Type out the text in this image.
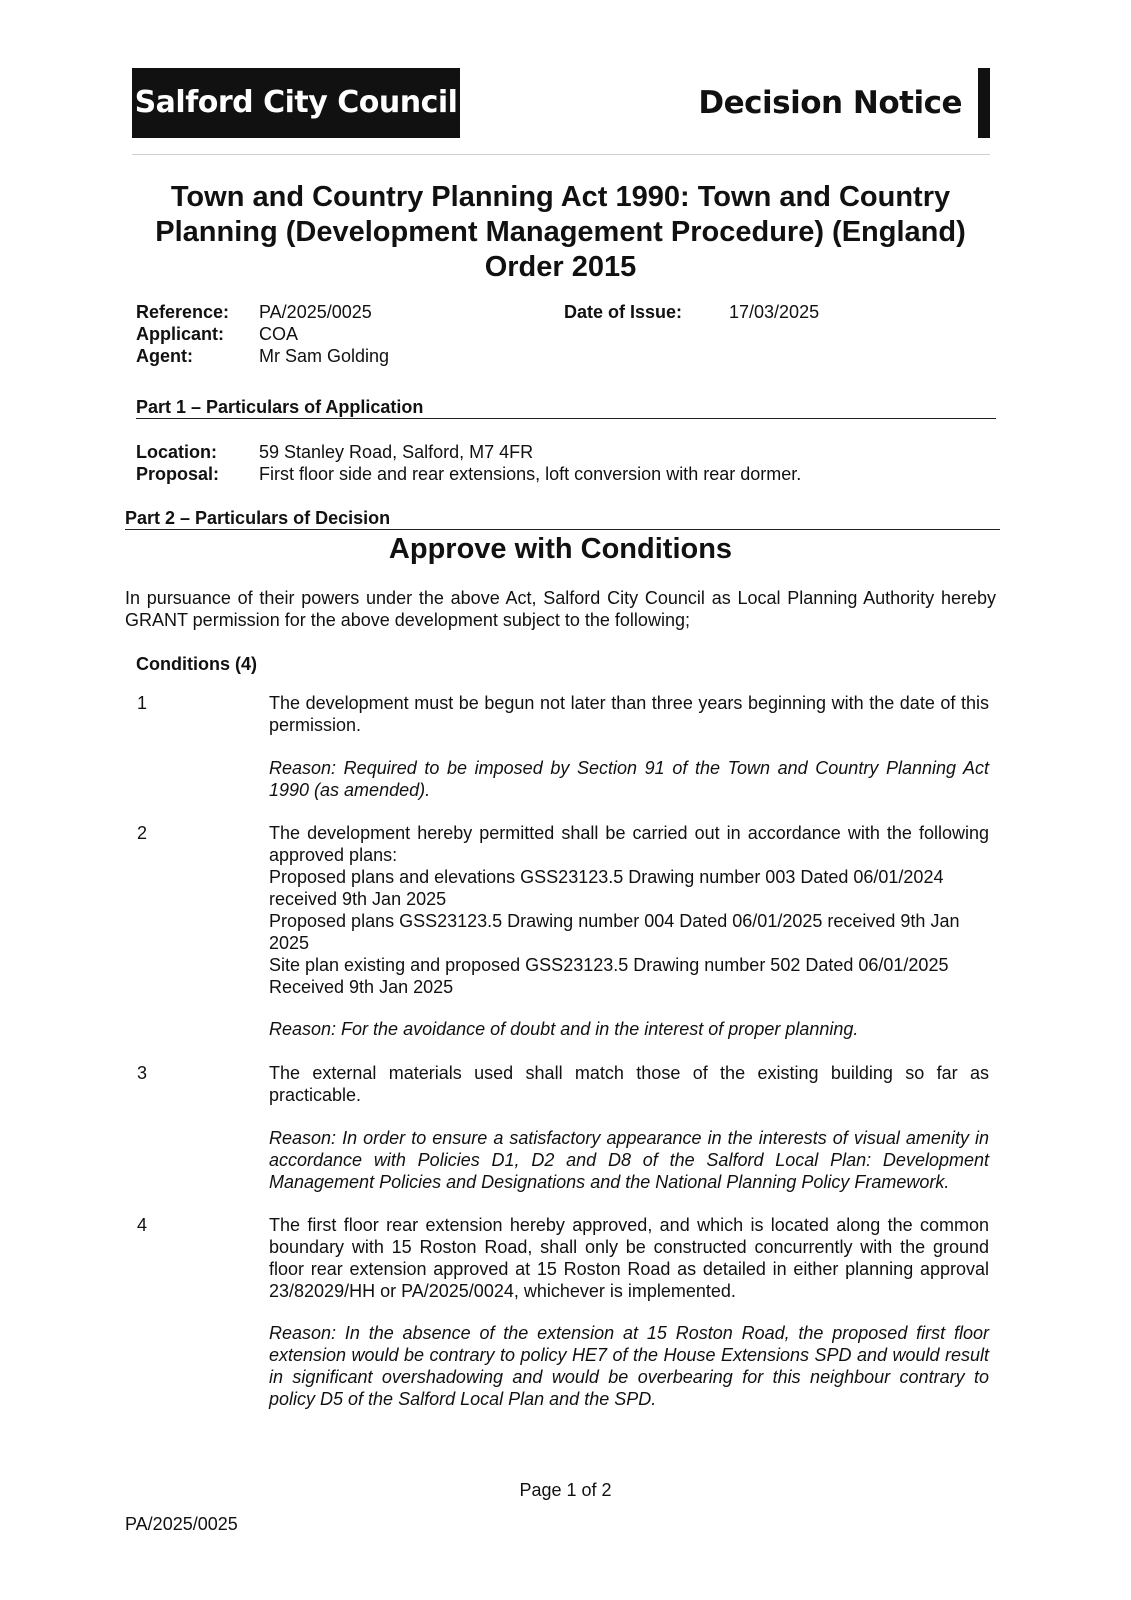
Salford City Council	Decision Notice
Town and Country Planning Act 1990: Town and Country Planning (Development Management Procedure) (England) Order 2015
Reference: PA/2025/0025	Date of Issue:	17/03/2025
Applicant: COA
Agent:	Mr Sam Golding
Part 1 – Particulars of Application
Location: 59 Stanley Road, Salford, M7 4FR
Proposal: First floor side and rear extensions, loft conversion with rear dormer.
Part 2 – Particulars of Decision
Approve with Conditions
In pursuance of their powers under the above Act, Salford City Council as Local Planning Authority hereby GRANT permission for the above development subject to the following;
Conditions (4)
1	The development must be begun not later than three years beginning with the date of this permission.
Reason: Required to be imposed by Section 91 of the Town and Country Planning Act 1990 (as amended).
2	The development hereby permitted shall be carried out in accordance with the following approved plans:
Proposed plans and elevations GSS23123.5 Drawing number 003 Dated 06/01/2024 received 9th Jan 2025
Proposed plans GSS23123.5 Drawing number 004 Dated 06/01/2025 received 9th Jan 2025
Site plan existing and proposed GSS23123.5 Drawing number 502 Dated 06/01/2025 Received 9th Jan 2025
Reason: For the avoidance of doubt and in the interest of proper planning.
3	The external materials used shall match those of the existing building so far as practicable.
Reason: In order to ensure a satisfactory appearance in the interests of visual amenity in accordance with Policies D1, D2 and D8 of the Salford Local Plan: Development Management Policies and Designations and the National Planning Policy Framework.
4	The first floor rear extension hereby approved, and which is located along the common boundary with 15 Roston Road, shall only be constructed concurrently with the ground floor rear extension approved at 15 Roston Road as detailed in either planning approval 23/82029/HH or PA/2025/0024, whichever is implemented.
Reason: In the absence of the extension at 15 Roston Road, the proposed first floor extension would be contrary to policy HE7 of the House Extensions SPD and would result in significant overshadowing and would be overbearing for this neighbour contrary to policy D5 of the Salford Local Plan and the SPD.
Page 1 of 2
PA/2025/0025
